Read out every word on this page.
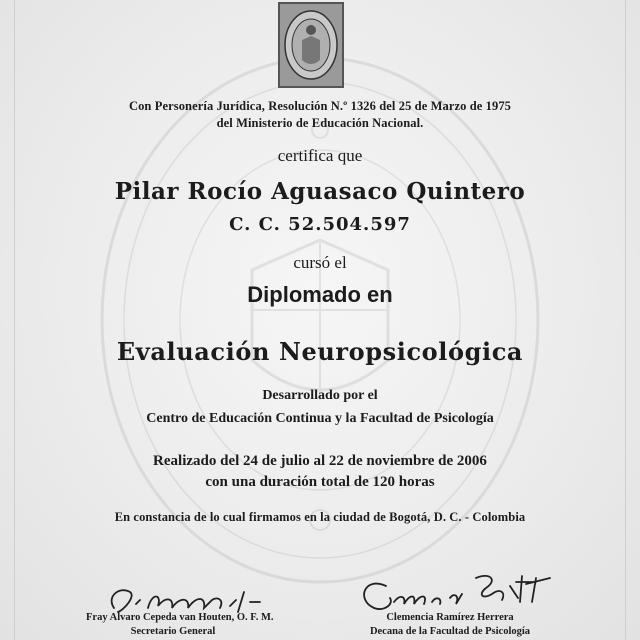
Con Personería Jurídica, Resolución N.º 1326 del 25 de Marzo de 1975
del Ministerio de Educación Nacional.
certifica que
Pilar Rocío Aguasaco Quintero
C. C. 52.504.597
cursó el
Diplomado en
Evaluación Neuropsicológica
Desarrollado por el
Centro de Educación Continua y la Facultad de Psicología
Realizado del 24 de julio al 22 de noviembre de 2006
con una duración total de 120 horas
En constancia de lo cual firmamos en la ciudad de Bogotá, D. C. - Colombia
Fray Alvaro Cepeda van Houten, O. F. M.
Secretario General
Clemencia Ramírez Herrera
Decana de la Facultad de Psicología
